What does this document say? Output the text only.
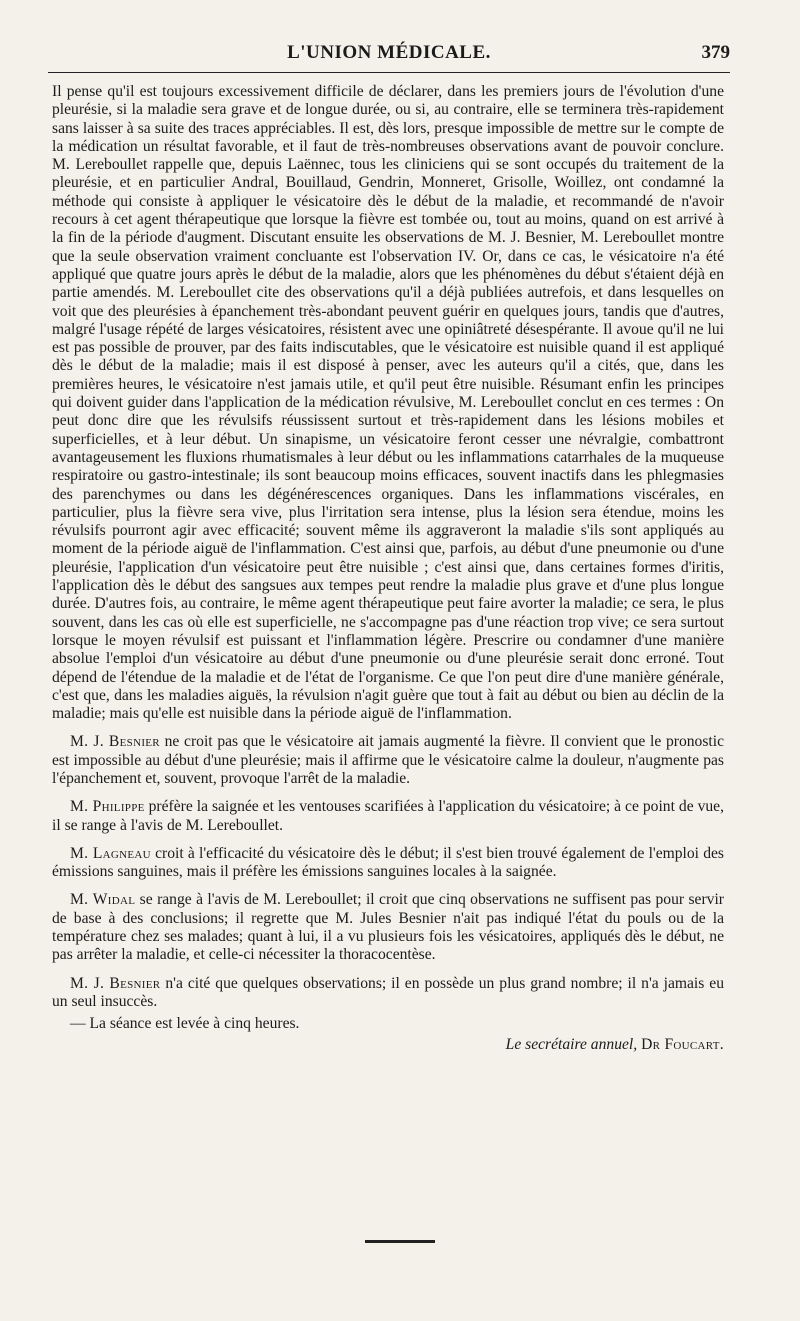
L'UNION MÉDICALE.	379

Il pense qu'il est toujours excessivement difficile de déclarer, dans les premiers jours de l'évolution d'une pleurésie, si la maladie sera grave et de longue durée, ou si, au contraire, elle se terminera très-rapidement sans laisser à sa suite des traces appréciables. Il est, dès lors, presque impossible de mettre sur le compte de la médication un résultat favorable, et il faut de très-nombreuses observations avant de pouvoir conclure. M. Lereboullet rappelle que, depuis Laënnec, tous les cliniciens qui se sont occupés du traitement de la pleurésie, et en particulier Andral, Bouillaud, Gendrin, Monneret, Grisolle, Woillez, ont condamné la méthode qui consiste à appliquer le vésicatoire dès le début de la maladie, et recommandé de n'avoir recours à cet agent thérapeutique que lorsque la fièvre est tombée ou, tout au moins, quand on est arrivé à la fin de la période d'augment. Discutant ensuite les observations de M. J. Besnier, M. Lereboullet montre que la seule observation vraiment concluante est l'observation IV. Or, dans ce cas, le vésicatoire n'a été appliqué que quatre jours après le début de la maladie, alors que les phénomènes du début s'étaient déjà en partie amendés. M. Lereboullet cite des observations qu'il a déjà publiées autrefois, et dans lesquelles on voit que des pleurésies à épanchement très-abondant peuvent guérir en quelques jours, tandis que d'autres, malgré l'usage répété de larges vésicatoires, résistent avec une opiniâtreté désespérante. Il avoue qu'il ne lui est pas possible de prouver, par des faits indiscutables, que le vésicatoire est nuisible quand il est appliqué dès le début de la maladie; mais il est disposé à penser, avec les auteurs qu'il a cités, que, dans les premières heures, le vésicatoire n'est jamais utile, et qu'il peut être nuisible. Résumant enfin les principes qui doivent guider dans l'application de la médication révulsive, M. Lereboullet conclut en ces termes : On peut donc dire que les révulsifs réussissent surtout et très-rapidement dans les lésions mobiles et superficielles, et à leur début. Un sinapisme, un vésicatoire feront cesser une névralgie, combattront avantageusement les fluxions rhumatismales à leur début ou les inflammations catarrhales de la muqueuse respiratoire ou gastro-intestinale; ils sont beaucoup moins efficaces, souvent inactifs dans les phlegmasies des parenchymes ou dans les dégénérescences organiques. Dans les inflammations viscérales, en particulier, plus la fièvre sera vive, plus l'irritation sera intense, plus la lésion sera étendue, moins les révulsifs pourront agir avec efficacité; souvent même ils aggraveront la maladie s'ils sont appliqués au moment de la période aiguë de l'inflammation. C'est ainsi que, parfois, au début d'une pneumonie ou d'une pleurésie, l'application d'un vésicatoire peut être nuisible ; c'est ainsi que, dans certaines formes d'iritis, l'application dès le début des sangsues aux tempes peut rendre la maladie plus grave et d'une plus longue durée. D'autres fois, au contraire, le même agent thérapeutique peut faire avorter la maladie; ce sera, le plus souvent, dans les cas où elle est superficielle, ne s'accompagne pas d'une réaction trop vive; ce sera surtout lorsque le moyen révulsif est puissant et l'inflammation légère. Prescrire ou condamner d'une manière absolue l'emploi d'un vésicatoire au début d'une pneumonie ou d'une pleurésie serait donc erroné. Tout dépend de l'étendue de la maladie et de l'état de l'organisme. Ce que l'on peut dire d'une manière générale, c'est que, dans les maladies aiguës, la révulsion n'agit guère que tout à fait au début ou bien au déclin de la maladie; mais qu'elle est nuisible dans la période aiguë de l'inflammation.

M. J. Besnier ne croit pas que le vésicatoire ait jamais augmenté la fièvre. Il convient que le pronostic est impossible au début d'une pleurésie; mais il affirme que le vésicatoire calme la douleur, n'augmente pas l'épanchement et, souvent, provoque l'arrêt de la maladie.

M. Philippe préfère la saignée et les ventouses scarifiées à l'application du vésicatoire; à ce point de vue, il se range à l'avis de M. Lereboullet.

M. Lagneau croit à l'efficacité du vésicatoire dès le début; il s'est bien trouvé également de l'emploi des émissions sanguines, mais il préfère les émissions sanguines locales à la saignée.

M. Widal se range à l'avis de M. Lereboullet; il croit que cinq observations ne suffisent pas pour servir de base à des conclusions; il regrette que M. Jules Besnier n'ait pas indiqué l'état du pouls ou de la température chez ses malades; quant à lui, il a vu plusieurs fois les vésicatoires, appliqués dès le début, ne pas arrêter la maladie, et celle-ci nécessiter la thoracocentèse.

M. J. Besnier n'a cité que quelques observations; il en possède un plus grand nombre; il n'a jamais eu un seul insuccès.

— La séance est levée à cinq heures.

Le secrétaire annuel, Dr Foucart.
